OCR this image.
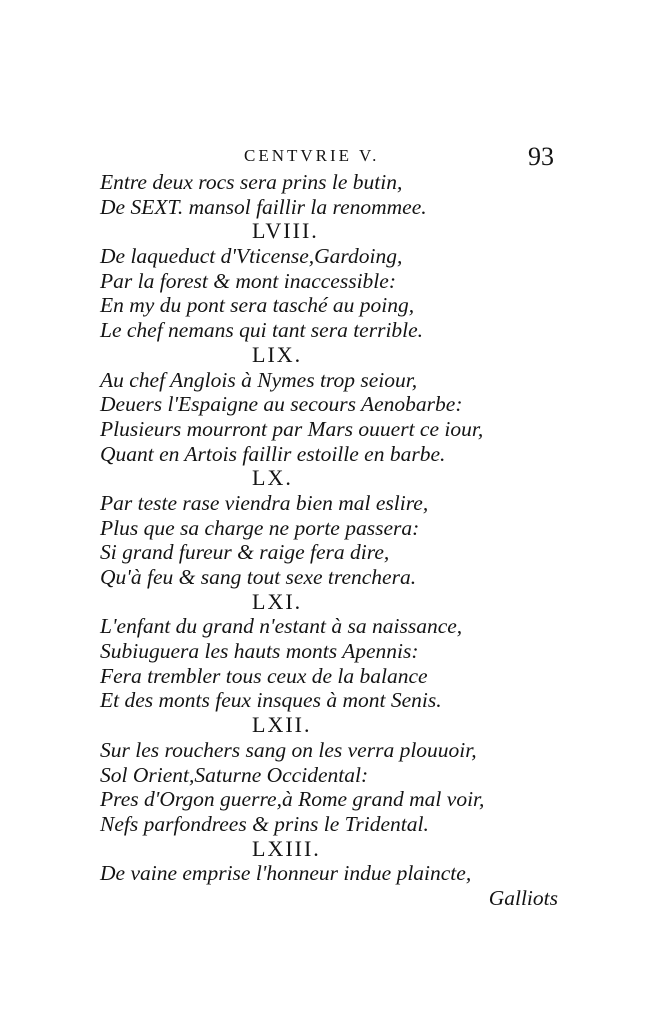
CENTVRIE V.	93
Entre deux rocs sera prins le butin,
De SEXT. mansol faillir la renommee.
LVIII.
De laqueduct d'Vticense,Gardoing,
Par la forest & mont inaccessible:
En my du pont sera tasché au poing,
Le chef nemans qui tant sera terrible.
LIX.
Au chef Anglois à Nymes trop seiour,
Deuers l'Espaigne au secours Aenobarbe:
Plusieurs mourront par Mars ouuert ce iour,
Quant en Artois faillir estoille en barbe.
LX.
Par teste rase viendra bien mal eslire,
Plus que sa charge ne porte passera:
Si grand fureur & raige fera dire,
Qu'à feu & sang tout sexe trenchera.
LXI.
L'enfant du grand n'estant à sa naissance,
Subiuguera les hauts monts Apennis:
Fera trembler tous ceux de la balance
Et des monts feux insques à mont Senis.
LXII.
Sur les rouchers sang on les verra plouuoir,
Sol Orient,Saturne Occidental:
Pres d'Orgon guerre,à Rome grand mal voir,
Nefs parfondrees & prins le Tridental.
LXIII.
De vaine emprise l'honneur indue plaincte,
Galliots
